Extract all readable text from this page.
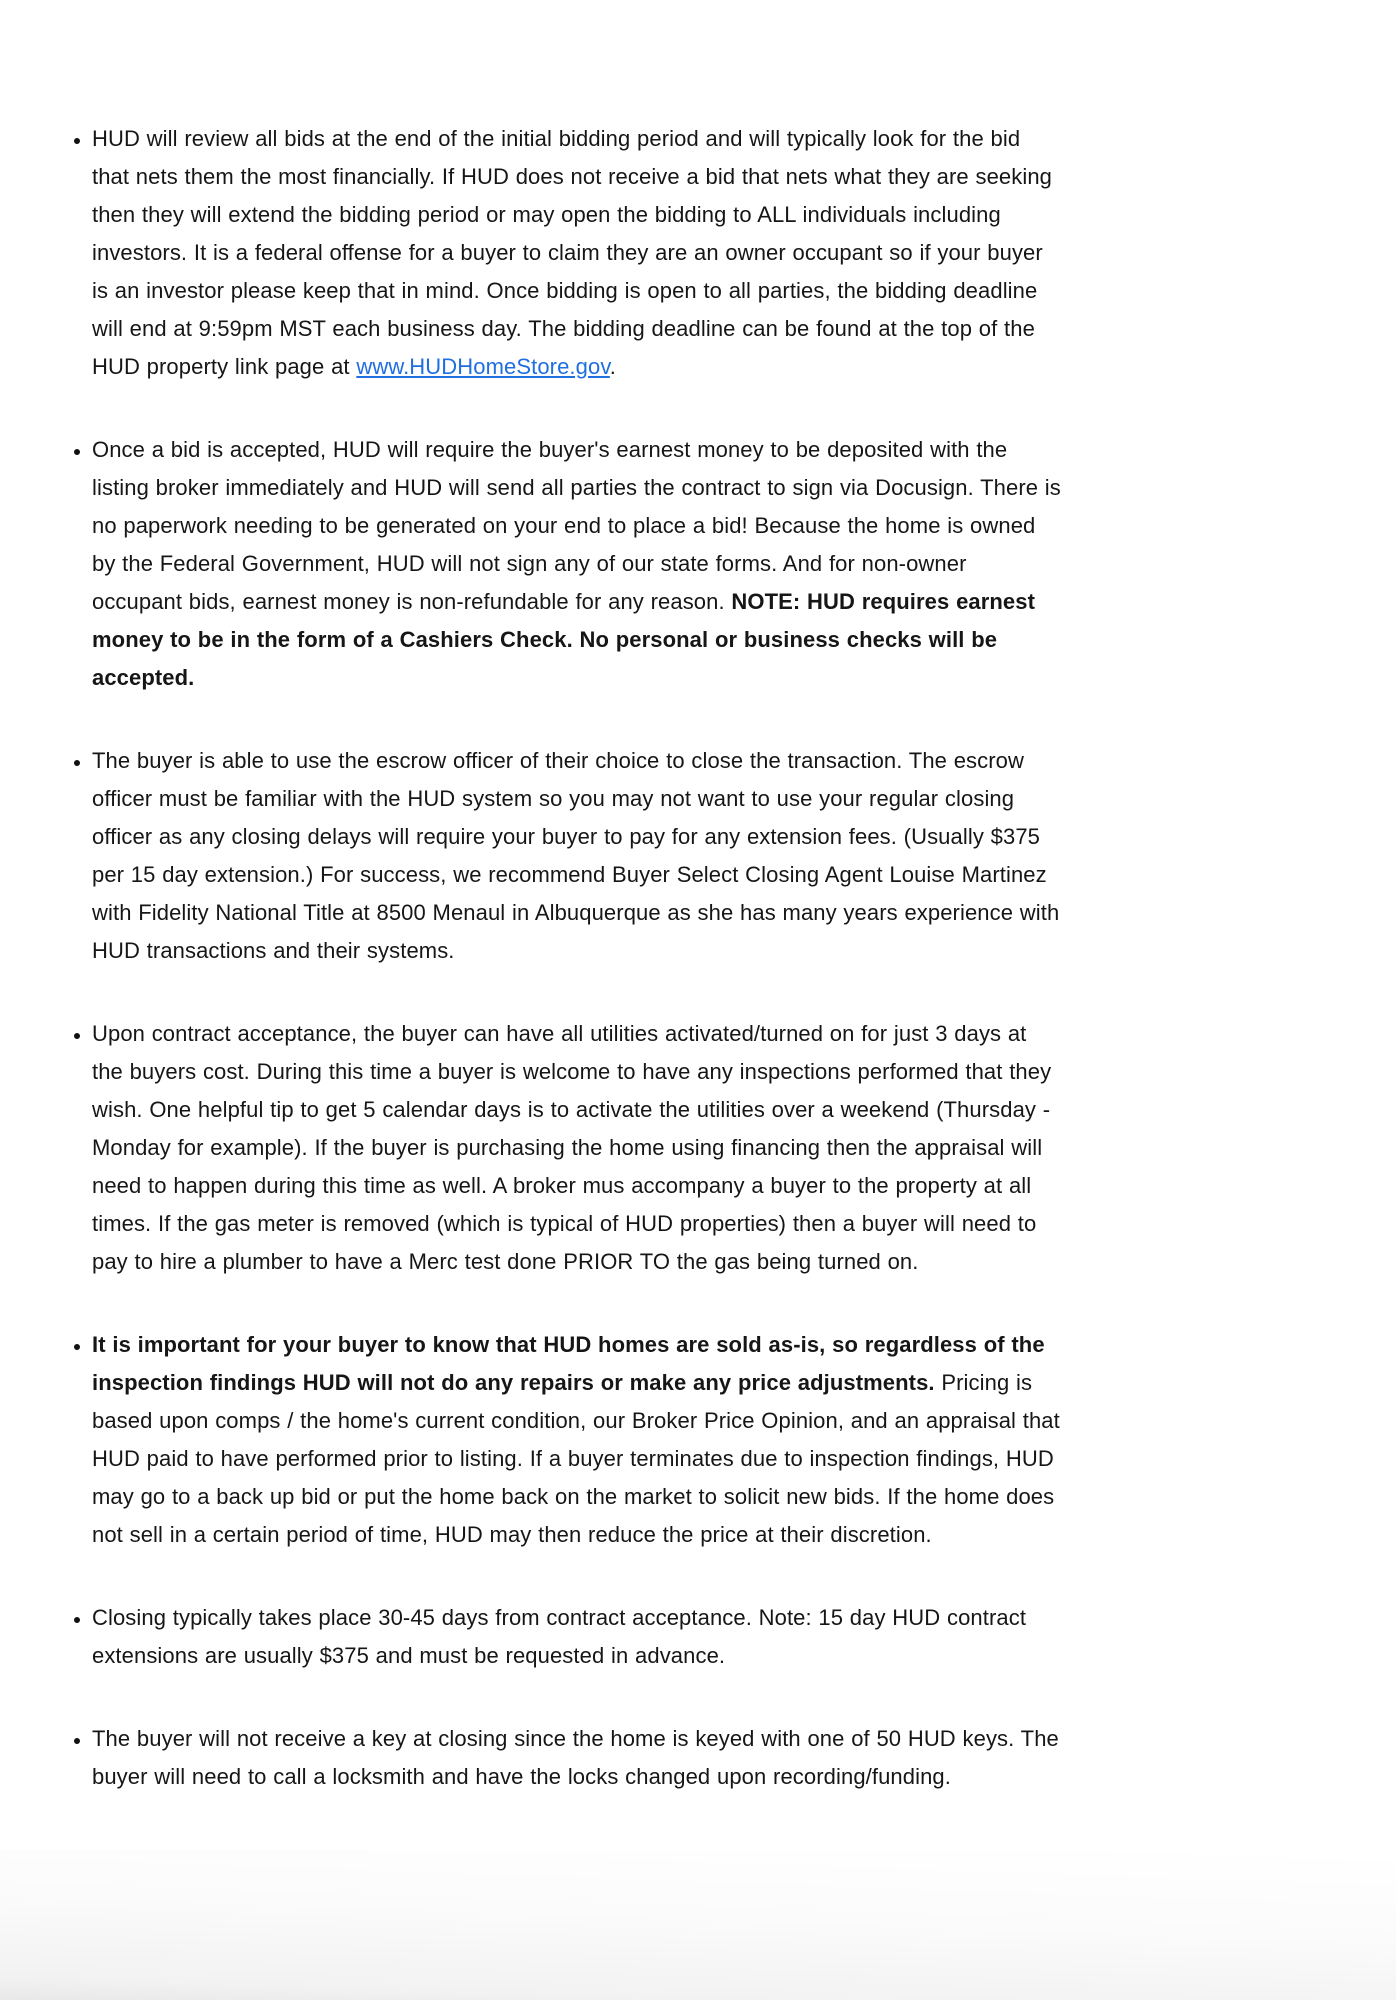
• HUD will review all bids at the end of the initial bidding period and will typically look for the bid that nets them the most financially. If HUD does not receive a bid that nets what they are seeking then they will extend the bidding period or may open the bidding to ALL individuals including investors. It is a federal offense for a buyer to claim they are an owner occupant so if your buyer is an investor please keep that in mind. Once bidding is open to all parties, the bidding deadline will end at 9:59pm MST each business day. The bidding deadline can be found at the top of the HUD property link page at www.HUDHomeStore.gov.
• Once a bid is accepted, HUD will require the buyer's earnest money to be deposited with the listing broker immediately and HUD will send all parties the contract to sign via Docusign. There is no paperwork needing to be generated on your end to place a bid! Because the home is owned by the Federal Government, HUD will not sign any of our state forms. And for non-owner occupant bids, earnest money is non-refundable for any reason. NOTE: HUD requires earnest money to be in the form of a Cashiers Check. No personal or business checks will be accepted.
• The buyer is able to use the escrow officer of their choice to close the transaction. The escrow officer must be familiar with the HUD system so you may not want to use your regular closing officer as any closing delays will require your buyer to pay for any extension fees. (Usually $375 per 15 day extension.) For success, we recommend Buyer Select Closing Agent Louise Martinez with Fidelity National Title at 8500 Menaul in Albuquerque as she has many years experience with HUD transactions and their systems.
• Upon contract acceptance, the buyer can have all utilities activated/turned on for just 3 days at the buyers cost. During this time a buyer is welcome to have any inspections performed that they wish. One helpful tip to get 5 calendar days is to activate the utilities over a weekend (Thursday - Monday for example). If the buyer is purchasing the home using financing then the appraisal will need to happen during this time as well. A broker mus accompany a buyer to the property at all times. If the gas meter is removed (which is typical of HUD properties) then a buyer will need to pay to hire a plumber to have a Merc test done PRIOR TO the gas being turned on.
• It is important for your buyer to know that HUD homes are sold as-is, so regardless of the inspection findings HUD will not do any repairs or make any price adjustments. Pricing is based upon comps / the home's current condition, our Broker Price Opinion, and an appraisal that HUD paid to have performed prior to listing. If a buyer terminates due to inspection findings, HUD may go to a back up bid or put the home back on the market to solicit new bids. If the home does not sell in a certain period of time, HUD may then reduce the price at their discretion.
• Closing typically takes place 30-45 days from contract acceptance. Note: 15 day HUD contract extensions are usually $375 and must be requested in advance.
• The buyer will not receive a key at closing since the home is keyed with one of 50 HUD keys. The buyer will need to call a locksmith and have the locks changed upon recording/funding.
